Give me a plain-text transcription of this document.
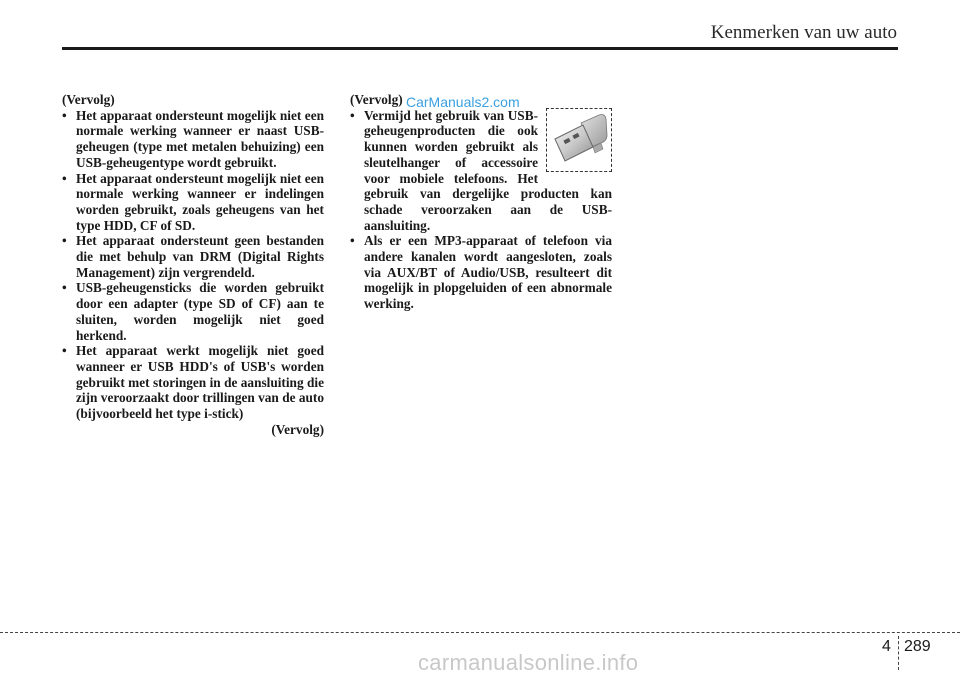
Kenmerken van uw auto

(Vervolg)

• Het apparaat ondersteunt mogelijk niet een normale werking wanneer er naast USB-geheugen (type met metalen behuizing) een USB-geheugentype wordt gebruikt.

• Het apparaat ondersteunt mogelijk niet een normale werking wanneer er indelingen worden gebruikt, zoals geheugens van het type HDD, CF of SD.

• Het apparaat ondersteunt geen bestanden die met behulp van DRM (Digital Rights Management) zijn vergrendeld.

• USB-geheugensticks die worden gebruikt door een adapter (type SD of CF) aan te sluiten, worden mogelijk niet goed herkend.

• Het apparaat werkt mogelijk niet goed wanneer er USB HDD's of USB's worden gebruikt met storingen in de aansluiting die zijn veroorzaakt door trillingen van de auto (bijvoorbeeld het type i-stick)

(Vervolg)

(Vervolg)

• Vermijd het gebruik van USB-geheugenproducten die ook kunnen worden gebruikt als sleutelhanger of accessoire voor mobiele telefoons. Het gebruik van dergelijke producten kan schade veroorzaken aan de USB-aansluiting.

• Als er een MP3-apparaat of telefoon via andere kanalen wordt aangesloten, zoals via AUX/BT of Audio/USB, resulteert dit mogelijk in plopgeluiden of een abnormale werking.

CarManuals2.com
4 289
carmanualsonline.info
